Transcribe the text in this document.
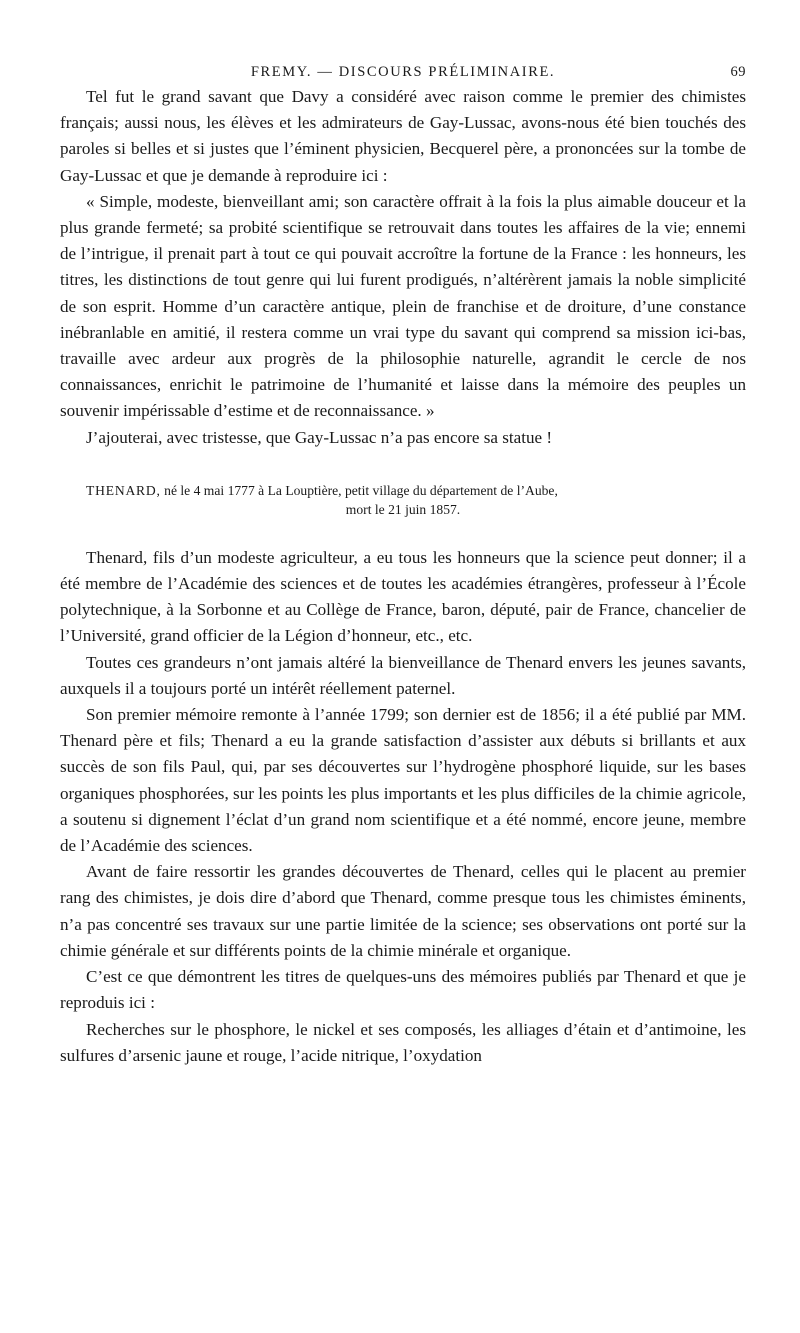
FREMY. — DISCOURS PRÉLIMINAIRE.	69

Tel fut le grand savant que Davy a considéré avec raison comme le premier des chimistes français; aussi nous, les élèves et les admirateurs de Gay-Lussac, avons-nous été bien touchés des paroles si belles et si justes que l’éminent physicien, Becquerel père, a prononcées sur la tombe de Gay-Lussac et que je demande à reproduire ici :

« Simple, modeste, bienveillant ami; son caractère offrait à la fois la plus aimable douceur et la plus grande fermeté; sa probité scientifique se retrouvait dans toutes les affaires de la vie; ennemi de l’intrigue, il prenait part à tout ce qui pouvait accroître la fortune de la France : les honneurs, les titres, les distinctions de tout genre qui lui furent prodigués, n’altérèrent jamais la noble simplicité de son esprit. Homme d’un caractère antique, plein de franchise et de droiture, d’une constance inébranlable en amitié, il restera comme un vrai type du savant qui comprend sa mission ici-bas, travaille avec ardeur aux progrès de la philosophie naturelle, agrandit le cercle de nos connaissances, enrichit le patrimoine de l’humanité et laisse dans la mémoire des peuples un souvenir impérissable d’estime et de reconnaissance. »

J’ajouterai, avec tristesse, que Gay-Lussac n’a pas encore sa statue !

THENARD, né le 4 mai 1777 à La Louptière, petit village du département de l’Aube,
mort le 21 juin 1857.

Thenard, fils d’un modeste agriculteur, a eu tous les honneurs que la science peut donner; il a été membre de l’Académie des sciences et de toutes les académies étrangères, professeur à l’École polytechnique, à la Sorbonne et au Collège de France, baron, député, pair de France, chancelier de l’Université, grand officier de la Légion d’honneur, etc., etc.

Toutes ces grandeurs n’ont jamais altéré la bienveillance de Thenard envers les jeunes savants, auxquels il a toujours porté un intérêt réellement paternel.

Son premier mémoire remonte à l’année 1799; son dernier est de 1856; il a été publié par MM. Thenard père et fils; Thenard a eu la grande satisfaction d’assister aux débuts si brillants et aux succès de son fils Paul, qui, par ses découvertes sur l’hydrogène phosphoré liquide, sur les bases organiques phosphorées, sur les points les plus importants et les plus difficiles de la chimie agricole, a soutenu si dignement l’éclat d’un grand nom scientifique et a été nommé, encore jeune, membre de l’Académie des sciences.

Avant de faire ressortir les grandes découvertes de Thenard, celles qui le placent au premier rang des chimistes, je dois dire d’abord que Thenard, comme presque tous les chimistes éminents, n’a pas concentré ses travaux sur une partie limitée de la science; ses observations ont porté sur la chimie générale et sur différents points de la chimie minérale et organique.

C’est ce que démontrent les titres de quelques-uns des mémoires publiés par Thenard et que je reproduis ici :

Recherches sur le phosphore, le nickel et ses composés, les alliages d’étain et d’antimoine, les sulfures d’arsenic jaune et rouge, l’acide nitrique, l’oxydation
